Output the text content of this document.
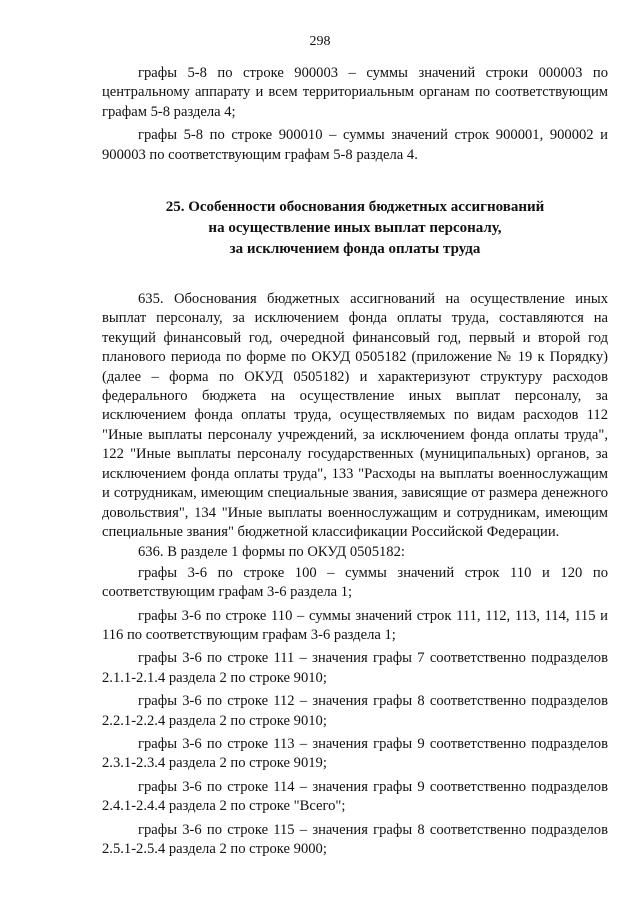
298

графы 5-8 по строке 900003 – суммы значений строки 000003 по центральному аппарату и всем территориальным органам по соответствующим графам 5-8 раздела 4;

графы 5-8 по строке 900010 – суммы значений строк 900001, 900002 и 900003 по соответствующим графам 5-8 раздела 4.

25. Особенности обоснования бюджетных ассигнований
на осуществление иных выплат персоналу,
за исключением фонда оплаты труда

635. Обоснования бюджетных ассигнований на осуществление иных выплат персоналу, за исключением фонда оплаты труда, составляются на текущий финансовый год, очередной финансовый год, первый и второй год планового периода по форме по ОКУД 0505182 (приложение № 19 к Порядку) (далее – форма по ОКУД 0505182) и характеризуют структуру расходов федерального бюджета на осуществление иных выплат персоналу, за исключением фонда оплаты труда, осуществляемых по видам расходов 112 "Иные выплаты персоналу учреждений, за исключением фонда оплаты труда", 122 "Иные выплаты персоналу государственных (муниципальных) органов, за исключением фонда оплаты труда", 133 "Расходы на выплаты военнослужащим и сотрудникам, имеющим специальные звания, зависящие от размера денежного довольствия", 134 "Иные выплаты военнослужащим и сотрудникам, имеющим специальные звания" бюджетной классификации Российской Федерации.

636. В разделе 1 формы по ОКУД 0505182:

графы 3-6 по строке 100 – суммы значений строк 110 и 120 по соответствующим графам 3-6 раздела 1;

графы 3-6 по строке 110 – суммы значений строк 111, 112, 113, 114, 115 и 116 по соответствующим графам 3-6 раздела 1;

графы 3-6 по строке 111 – значения графы 7 соответственно подразделов 2.1.1-2.1.4 раздела 2 по строке 9010;

графы 3-6 по строке 112 – значения графы 8 соответственно подразделов 2.2.1-2.2.4 раздела 2 по строке 9010;

графы 3-6 по строке 113 – значения графы 9 соответственно подразделов 2.3.1-2.3.4 раздела 2 по строке 9019;

графы 3-6 по строке 114 – значения графы 9 соответственно подразделов 2.4.1-2.4.4 раздела 2 по строке "Всего";

графы 3-6 по строке 115 – значения графы 8 соответственно подразделов 2.5.1-2.5.4 раздела 2 по строке 9000;
